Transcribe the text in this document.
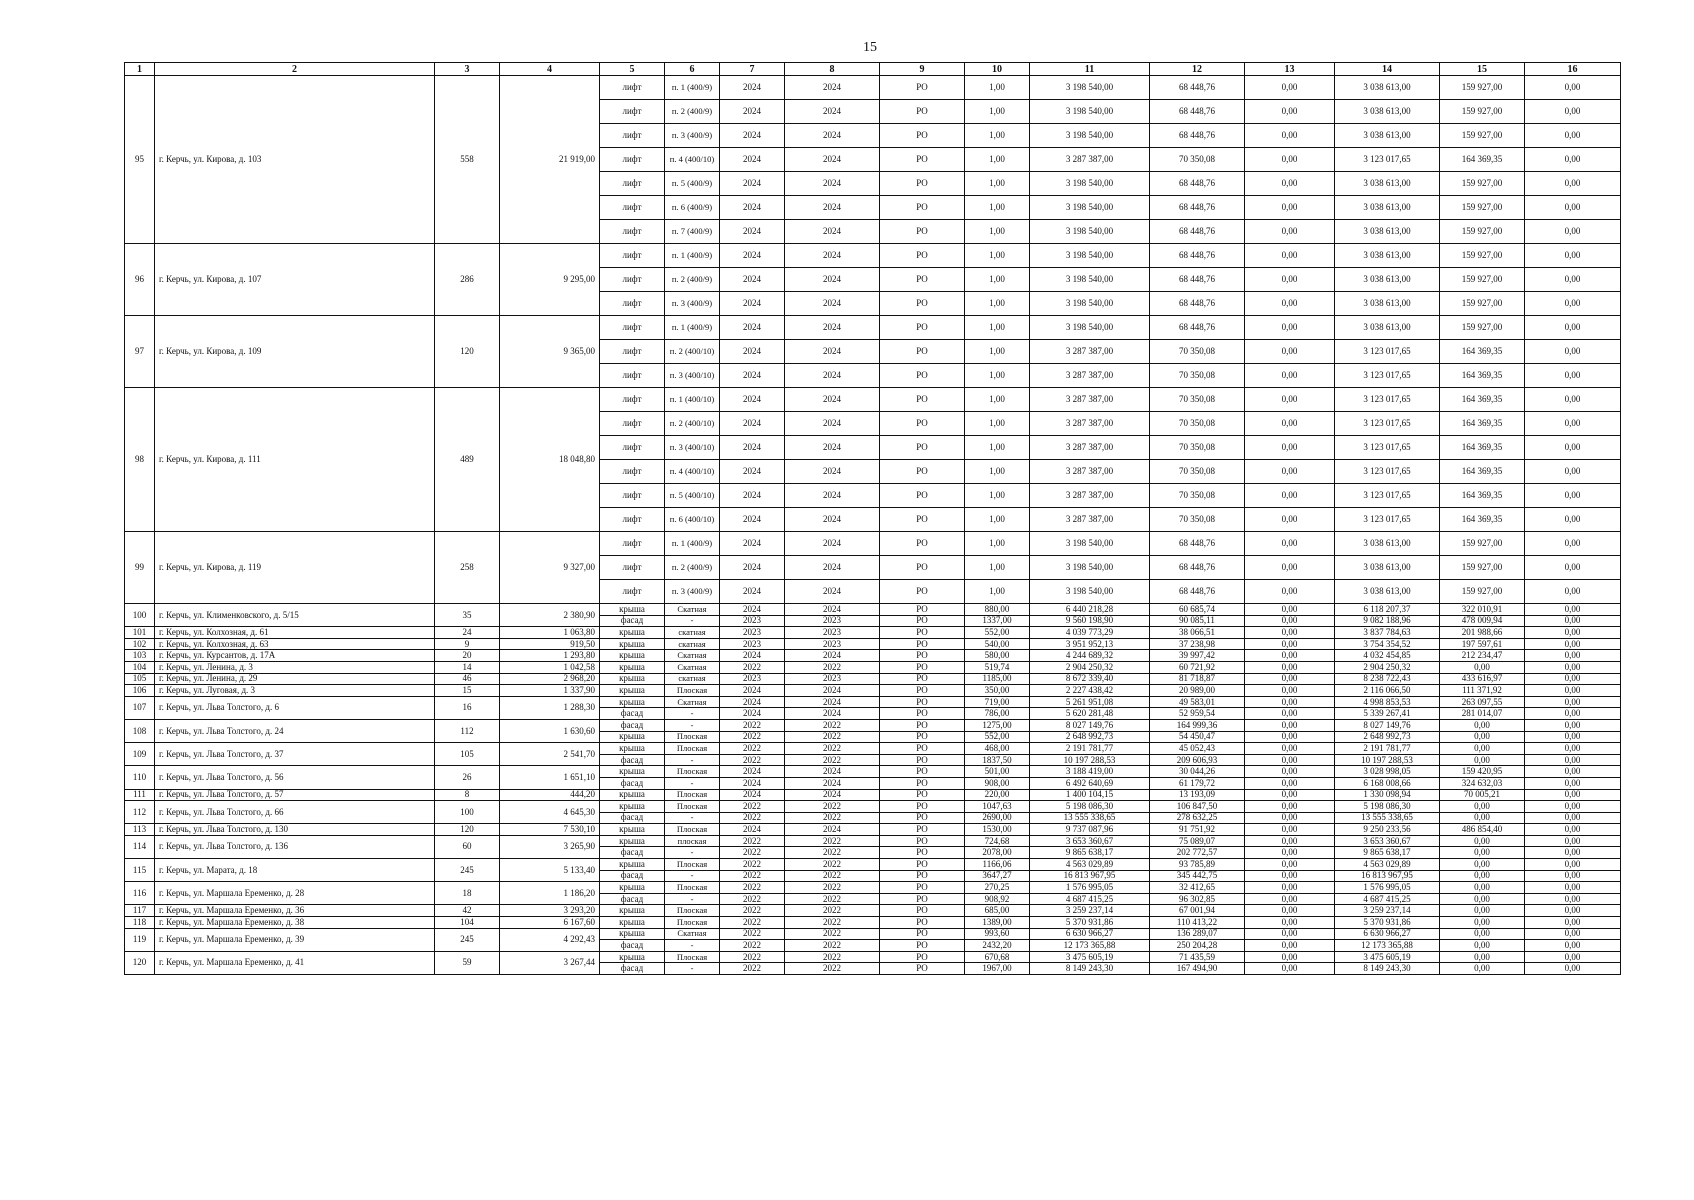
15
1	2	3	4	5	6	7	8	9	10	11	12	13	14	15	16
95	г. Керчь, ул. Кирова, д. 103	558	21 919,00	лифт	п. 1 (400/9)	2024	2024	РО	1,00	3 198 540,00	68 448,76	0,00	3 038 613,00	159 927,00	0,00
				лифт	п. 2 (400/9)	2024	2024	РО	1,00	3 198 540,00	68 448,76	0,00	3 038 613,00	159 927,00	0,00
				лифт	п. 3 (400/9)	2024	2024	РО	1,00	3 198 540,00	68 448,76	0,00	3 038 613,00	159 927,00	0,00
				лифт	п. 4 (400/10)	2024	2024	РО	1,00	3 287 387,00	70 350,08	0,00	3 123 017,65	164 369,35	0,00
				лифт	п. 5 (400/9)	2024	2024	РО	1,00	3 198 540,00	68 448,76	0,00	3 038 613,00	159 927,00	0,00
				лифт	п. 6 (400/9)	2024	2024	РО	1,00	3 198 540,00	68 448,76	0,00	3 038 613,00	159 927,00	0,00
				лифт	п. 7 (400/9)	2024	2024	РО	1,00	3 198 540,00	68 448,76	0,00	3 038 613,00	159 927,00	0,00
96	г. Керчь, ул. Кирова, д. 107	286	9 295,00	лифт	п. 1 (400/9)	2024	2024	РО	1,00	3 198 540,00	68 448,76	0,00	3 038 613,00	159 927,00	0,00
				лифт	п. 2 (400/9)	2024	2024	РО	1,00	3 198 540,00	68 448,76	0,00	3 038 613,00	159 927,00	0,00
				лифт	п. 3 (400/9)	2024	2024	РО	1,00	3 198 540,00	68 448,76	0,00	3 038 613,00	159 927,00	0,00
97	г. Керчь, ул. Кирова, д. 109	120	9 365,00	лифт	п. 1 (400/9)	2024	2024	РО	1,00	3 198 540,00	68 448,76	0,00	3 038 613,00	159 927,00	0,00
				лифт	п. 2 (400/10)	2024	2024	РО	1,00	3 287 387,00	70 350,08	0,00	3 123 017,65	164 369,35	0,00
				лифт	п. 3 (400/10)	2024	2024	РО	1,00	3 287 387,00	70 350,08	0,00	3 123 017,65	164 369,35	0,00
98	г. Керчь, ул. Кирова, д. 111	489	18 048,80	лифт	п. 1 (400/10)	2024	2024	РО	1,00	3 287 387,00	70 350,08	0,00	3 123 017,65	164 369,35	0,00
				лифт	п. 2 (400/10)	2024	2024	РО	1,00	3 287 387,00	70 350,08	0,00	3 123 017,65	164 369,35	0,00
				лифт	п. 3 (400/10)	2024	2024	РО	1,00	3 287 387,00	70 350,08	0,00	3 123 017,65	164 369,35	0,00
				лифт	п. 4 (400/10)	2024	2024	РО	1,00	3 287 387,00	70 350,08	0,00	3 123 017,65	164 369,35	0,00
				лифт	п. 5 (400/10)	2024	2024	РО	1,00	3 287 387,00	70 350,08	0,00	3 123 017,65	164 369,35	0,00
				лифт	п. 6 (400/10)	2024	2024	РО	1,00	3 287 387,00	70 350,08	0,00	3 123 017,65	164 369,35	0,00
99	г. Керчь, ул. Кирова, д. 119	258	9 327,00	лифт	п. 1 (400/9)	2024	2024	РО	1,00	3 198 540,00	68 448,76	0,00	3 038 613,00	159 927,00	0,00
				лифт	п. 2 (400/9)	2024	2024	РО	1,00	3 198 540,00	68 448,76	0,00	3 038 613,00	159 927,00	0,00
				лифт	п. 3 (400/9)	2024	2024	РО	1,00	3 198 540,00	68 448,76	0,00	3 038 613,00	159 927,00	0,00
100	г. Керчь, ул. Клименковского, д. 5/15	35	2 380,90	крыша	Скатная	2024	2024	РО	880,00	6 440 218,28	60 685,74	0,00	6 118 207,37	322 010,91	0,00
				фасад	-	2023	2023	РО	1337,00	9 560 198,90	90 085,11	0,00	9 082 188,96	478 009,94	0,00
101	г. Керчь, ул. Колхозная, д. 61	24	1 063,80	крыша	скатная	2023	2023	РО	552,00	4 039 773,29	38 066,51	0,00	3 837 784,63	201 988,66	0,00
102	г. Керчь, ул. Колхозная, д. 63	9	919,50	крыша	скатная	2023	2023	РО	540,00	3 951 952,13	37 238,98	0,00	3 754 354,52	197 597,61	0,00
103	г. Керчь, ул. Курсантов, д. 17А	20	1 293,80	крыша	Скатная	2024	2024	РО	580,00	4 244 689,32	39 997,42	0,00	4 032 454,85	212 234,47	0,00
104	г. Керчь, ул. Ленина, д. 3	14	1 042,58	крыша	Скатная	2022	2022	РО	519,74	2 904 250,32	60 721,92	0,00	2 904 250,32	0,00	0,00
105	г. Керчь, ул. Ленина, д. 29	46	2 968,20	крыша	скатная	2023	2023	РО	1185,00	8 672 339,40	81 718,87	0,00	8 238 722,43	433 616,97	0,00
106	г. Керчь, ул. Луговая, д. 3	15	1 337,90	крыша	Плоская	2024	2024	РО	350,00	2 227 438,42	20 989,00	0,00	2 116 066,50	111 371,92	0,00
107	г. Керчь, ул. Льва Толстого, д. 6	16	1 288,30	крыша	Скатная	2024	2024	РО	719,00	5 261 951,08	49 583,01	0,00	4 998 853,53	263 097,55	0,00
				фасад	-	2024	2024	РО	786,00	5 620 281,48	52 959,54	0,00	5 339 267,41	281 014,07	0,00
108	г. Керчь, ул. Льва Толстого, д. 24	112	1 630,60	фасад	-	2022	2022	РО	1275,00	8 027 149,76	164 999,36	0,00	8 027 149,76	0,00	0,00
				крыша	Плоская	2022	2022	РО	552,00	2 648 992,73	54 450,47	0,00	2 648 992,73	0,00	0,00
109	г. Керчь, ул. Льва Толстого, д. 37	105	2 541,70	крыша	Плоская	2022	2022	РО	468,00	2 191 781,77	45 052,43	0,00	2 191 781,77	0,00	0,00
				фасад	-	2022	2022	РО	1837,50	10 197 288,53	209 606,93	0,00	10 197 288,53	0,00	0,00
110	г. Керчь, ул. Льва Толстого, д. 56	26	1 651,10	крыша	Плоская	2024	2024	РО	501,00	3 188 419,00	30 044,26	0,00	3 028 998,05	159 420,95	0,00
				фасад	-	2024	2024	РО	908,00	6 492 640,69	61 179,72	0,00	6 168 008,66	324 632,03	0,00
111	г. Керчь, ул. Льва Толстого, д. 57	8	444,20	крыша	Плоская	2024	2024	РО	220,00	1 400 104,15	13 193,09	0,00	1 330 098,94	70 005,21	0,00
112	г. Керчь, ул. Льва Толстого, д. 66	100	4 645,30	крыша	Плоская	2022	2022	РО	1047,63	5 198 086,30	106 847,50	0,00	5 198 086,30	0,00	0,00
				фасад	-	2022	2022	РО	2690,00	13 555 338,65	278 632,25	0,00	13 555 338,65	0,00	0,00
113	г. Керчь, ул. Льва Толстого, д. 130	120	7 530,10	крыша	Плоская	2024	2024	РО	1530,00	9 737 087,96	91 751,92	0,00	9 250 233,56	486 854,40	0,00
114	г. Керчь, ул. Льва Толстого, д. 136	60	3 265,90	крыша	плоская	2022	2022	РО	724,68	3 653 360,67	75 089,07	0,00	3 653 360,67	0,00	0,00
				фасад	-	2022	2022	РО	2078,00	9 865 638,17	202 772,57	0,00	9 865 638,17	0,00	0,00
115	г. Керчь, ул. Марата, д. 18	245	5 133,40	крыша	Плоская	2022	2022	РО	1166,06	4 563 029,89	93 785,89	0,00	4 563 029,89	0,00	0,00
				фасад	-	2022	2022	РО	3647,27	16 813 967,95	345 442,75	0,00	16 813 967,95	0,00	0,00
116	г. Керчь, ул. Маршала Еременко, д. 28	18	1 186,20	крыша	Плоская	2022	2022	РО	270,25	1 576 995,05	32 412,65	0,00	1 576 995,05	0,00	0,00
				фасад	-	2022	2022	РО	908,92	4 687 415,25	96 302,85	0,00	4 687 415,25	0,00	0,00
117	г. Керчь, ул. Маршала Еременко, д. 36	42	3 293,20	крыша	Плоская	2022	2022	РО	685,00	3 259 237,14	67 001,94	0,00	3 259 237,14	0,00	0,00
118	г. Керчь, ул. Маршала Еременко, д. 38	104	6 167,60	крыша	Плоская	2022	2022	РО	1389,00	5 370 931,86	110 413,22	0,00	5 370 931,86	0,00	0,00
119	г. Керчь, ул. Маршала Еременко, д. 39	245	4 292,43	крыша	Скатная	2022	2022	РО	993,60	6 630 966,27	136 289,07	0,00	6 630 966,27	0,00	0,00
				фасад	-	2022	2022	РО	2432,20	12 173 365,88	250 204,28	0,00	12 173 365,88	0,00	0,00
120	г. Керчь, ул. Маршала Еременко, д. 41	59	3 267,44	крыша	Плоская	2022	2022	РО	670,68	3 475 605,19	71 435,59	0,00	3 475 605,19	0,00	0,00
				фасад	-	2022	2022	РО	1967,00	8 149 243,30	167 494,90	0,00	8 149 243,30	0,00	0,00
